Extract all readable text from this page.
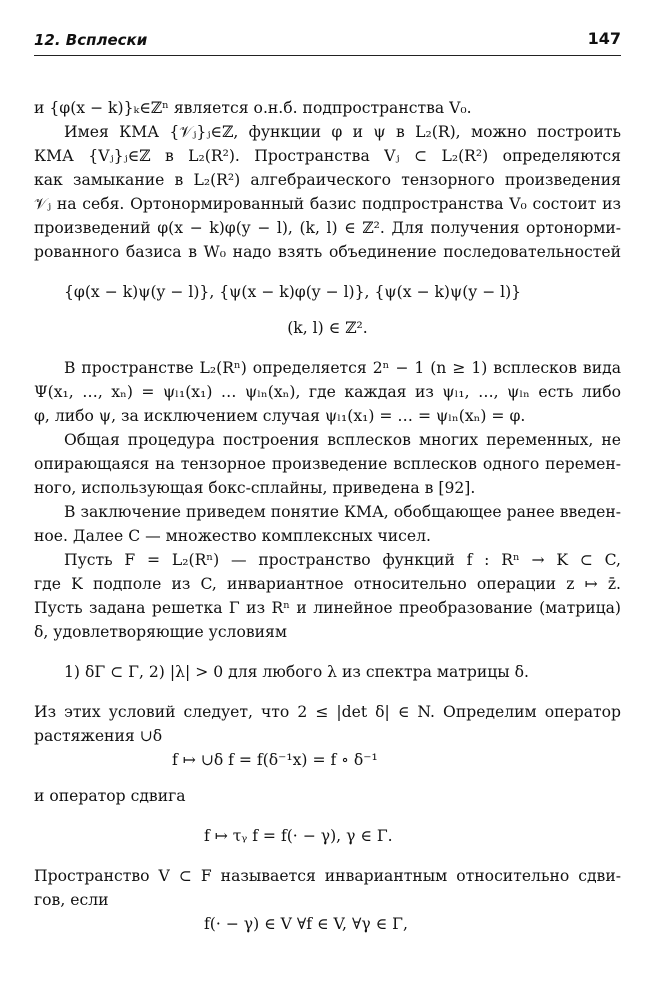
12. Всплески	147
и {φ(x − k)}ₖ∈ℤⁿ является о.н.б. подпространства V₀.
Имея КМА {𝒱ⱼ}ⱼ∈ℤ, функции φ и ψ в L₂(R), можно построить
КМА {Vⱼ}ⱼ∈ℤ в L₂(R²). Пространства Vⱼ ⊂ L₂(R²) определяются
как замыкание в L₂(R²) алгебраического тензорного произведения
𝒱ⱼ на себя. Ортонормированный базис подпространства V₀ состоит из
произведений φ(x − k)φ(y − l), (k, l) ∈ ℤ². Для получения ортонорми-
рованного базиса в W₀ надо взять объединение последовательностей
{φ(x − k)ψ(y − l)}, {ψ(x − k)φ(y − l)}, {ψ(x − k)ψ(y − l)}
(k, l) ∈ ℤ².
В пространстве L₂(Rⁿ) определяется 2ⁿ − 1 (n ≥ 1) всплесков вида
Ψ(x₁, …, xₙ) = ψₗ₁(x₁) … ψₗₙ(xₙ), где каждая из ψₗ₁, …, ψₗₙ есть либо
φ, либо ψ, за исключением случая ψₗ₁(x₁) = … = ψₗₙ(xₙ) = φ.
Общая процедура построения всплесков многих переменных, не
опирающаяся на тензорное произведение всплесков одного перемен-
ного, использующая бокс-сплайны, приведена в [92].
В заключение приведем понятие КМА, обобщающее ранее введен-
ное. Далее C — множество комплексных чисел.
Пусть F = L₂(Rⁿ) — пространство функций f : Rⁿ → K ⊂ C,
где K подполе из C, инвариантное относительно операции z ↦ z̄.
Пусть задана решетка Γ из Rⁿ и линейное преобразование (матрица)
δ, удовлетворяющие условиям
1) δΓ ⊂ Γ, 2) |λ| > 0 для любого λ из спектра матрицы δ.
Из этих условий следует, что 2 ≤ |det δ| ∈ N. Определим оператор
растяжения ∪δ
f ↦ ∪δ f = f(δ⁻¹x) = f ∘ δ⁻¹
и оператор сдвига
f ↦ τᵧ f = f(· − γ), γ ∈ Γ.
Пространство V ⊂ F называется инвариантным относительно сдви-
гов, если
f(· − γ) ∈ V ∀f ∈ V, ∀γ ∈ Γ,
